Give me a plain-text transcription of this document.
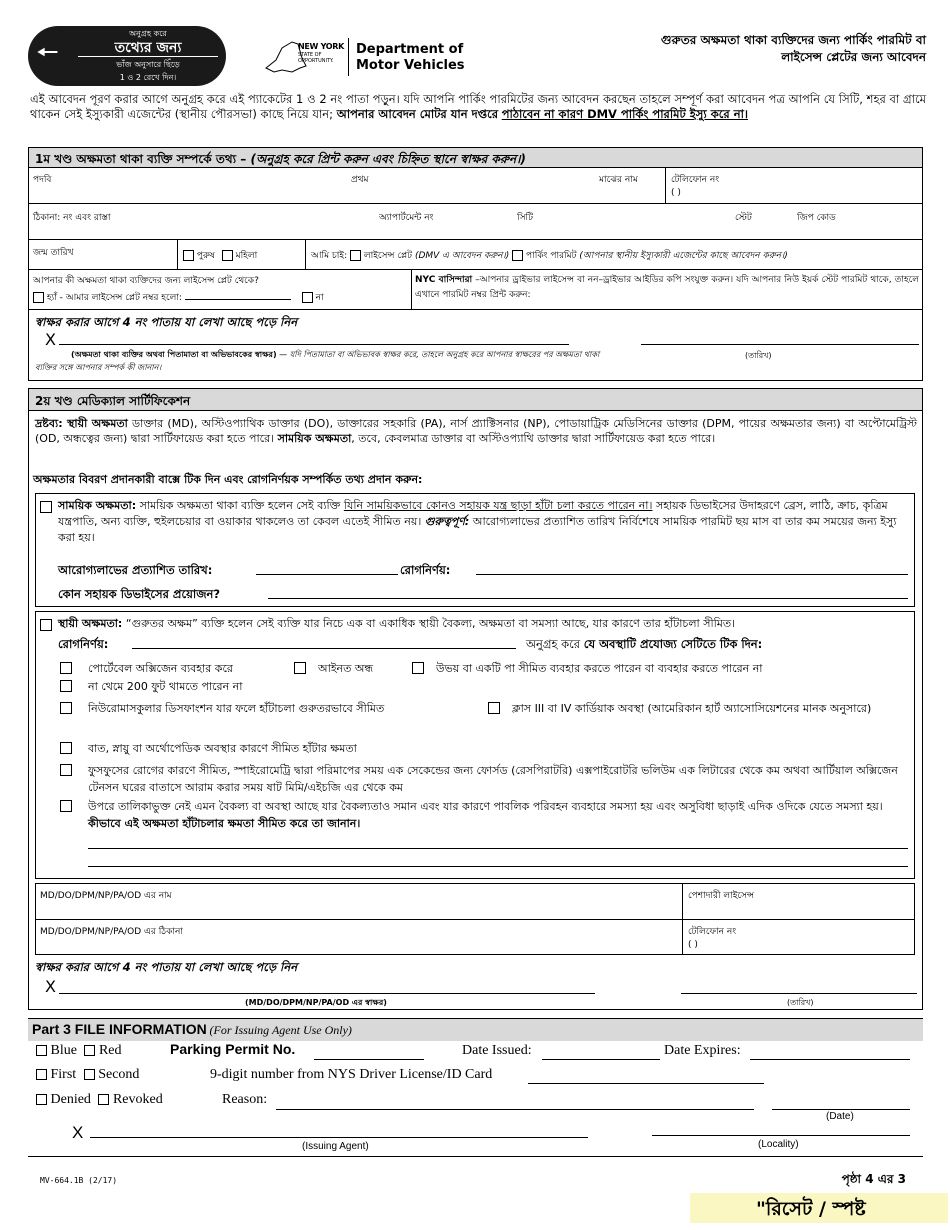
🠔
অনুগ্রহ করে
তথ্যের জন্য
ভাঁজ অনুসারে ছিঁড়ে
1 ও 2 রেখে দিন।
NEW YORK
STATE OF
OPPORTUNITY.
Department of
Motor Vehicles
গুরুতর অক্ষমতা থাকা ব্যক্তিদের জন্য পার্কিং পারমিট বা
লাইসেন্স প্লেটের জন্য আবেদন
এই আবেদন পূরণ করার আগে অনুগ্রহ করে এই প্যাকেটের 1 ও 2 নং পাতা পড়ুন। যদি আপনি পার্কিং পারমিটের জন্য আবেদন করছেন তাহলে সম্পূর্ণ করা আবেদন পত্র আপনি যে সিটি, শহর বা গ্রামে থাকেন সেই ইস্যুকারী এজেন্টের (স্থানীয় পৌরসভা) কাছে নিয়ে যান; আপনার আবেদন মোটর যান দপ্তরে পাঠাবেন না কারণ DMV পার্কিং পারমিট ইস্যু করে না।
1ম খণ্ড অক্ষমতা থাকা ব্যক্তি সম্পর্কে তথ্য – (অনুগ্রহ করে প্রিন্ট করুন এবং চিহ্নিত স্থানে স্বাক্ষর করুন।)
পদবি	প্রথম	মাঝের নাম	টেলিফোন নং
( )
ঠিকানা: নং এবং রাস্তা	অ্যাপার্টমেন্ট নং	সিটি	স্টেট	জিপ কোড
জন্ম তারিখ	পুরুষ মহিলা	আমি চাই: লাইসেন্স প্লেট (DMV এ আবেদন করুন।) পার্কিং পারমিট (আপনার স্থানীয় ইস্যুকারী এজেন্টের কাছে আবেদন করুন।)
আপনার কী অক্ষমতা থাকা ব্যক্তিদের জন্য লাইসেন্স প্লেট থেকে?
হ্যাঁ - আমার লাইসেন্স প্লেট নম্বর হলো:	না
NYC বাসিন্দারা –আপনার ড্রাইভার লাইসেন্স বা নন–ড্রাইভার আইডির কপি সংযুক্ত করুন। যদি আপনার নিউ ইয়র্ক স্টেট পারমিট থাকে, তাহলে এখানে পারমিট নম্বর প্রিন্ট করুন:
স্বাক্ষর করার আগে 4 নং পাতায় যা লেখা আছে পড়ে নিন
X
(তারিখ)
(অক্ষমতা থাকা ব্যক্তির অথবা পিতামাতা বা অভিভাবকের স্বাক্ষর) — যদি পিতামাতা বা অভিভাবক স্বাক্ষর করে, তাহলে অনুগ্রহ করে আপনার স্বাক্ষরের পর অক্ষমতা থাকা ব্যক্তির সঙ্গে আপনার সম্পর্ক কী জানান।
2য় খণ্ড মেডিক্যাল সার্টিফিকেশন
দ্রষ্টব্য: স্থায়ী অক্ষমতা ডাক্তার (MD), অস্টিওপ্যাথিক ডাক্তার (DO), ডাক্তারের সহকারি (PA), নার্স প্র্যাক্টিসনার (NP), পোডায়াট্রিক মেডিসিনের ডাক্তার (DPM, পায়ের অক্ষমতার জন্য) বা অপ্টোমেট্রিস্ট (OD, অন্ধত্বের জন্য) দ্বারা সার্টিফায়েড করা হতে পারে। সাময়িক অক্ষমতা, তবে, কেবলমাত্র ডাক্তার বা অস্টিওপ্যাথি ডাক্তার দ্বারা সার্টিফায়েড করা হতে পারে।
অক্ষমতার বিবরণ প্রদানকারী বাক্সে টিক দিন এবং রোগনির্ণয়ক সম্পর্কিত তথ্য প্রদান করুন:
সাময়িক অক্ষমতা: সাময়িক অক্ষমতা থাকা ব্যক্তি হলেন সেই ব্যক্তি যিনি সাময়িকভাবে কোনও সহায়ক যন্ত্র ছাড়া হাঁটা চলা করতে পারেন না। সহায়ক ডিভাইসের উদাহরণে ব্রেস, লাঠি, ক্রাচ, কৃত্রিম যন্ত্রপাতি, অন্য ব্যক্তি, হুইলচেয়ার বা ওয়াকার থাকলেও তা কেবল এতেই সীমিত নয়। গুরুত্বপূর্ণ: আরোগ্যলাভের প্রত্যাশিত তারিখ নির্বিশেষে সাময়িক পারমিট ছয় মাস বা তার কম সময়ের জন্য ইস্যু করা হয়।
আরোগ্যলাভের প্রত্যাশিত তারিখ:	রোগনির্ণয়:
কোন সহায়ক ডিভাইসের প্রয়োজন?
স্থায়ী অক্ষমতা: “গুরুতর অক্ষম” ব্যক্তি হলেন সেই ব্যক্তি যার নিচে এক বা একাধিক স্থায়ী বৈকল্য, অক্ষমতা বা সমস্যা আছে, যার কারণে তার হাঁটাচলা সীমিত।
রোগনির্ণয়:	অনুগ্রহ করে যে অবস্থাটি প্রযোজ্য সেটিতে টিক দিন:
পোর্টেবেল অক্সিজেন ব্যবহার করে	আইনত অন্ধ	উভয় বা একটি পা সীমিত ব্যবহার করতে পারেন বা ব্যবহার করতে পারেন না
না থেমে 200 ফুট থামতে পারেন না
নিউরোমাসকুলার ডিসফাংশন যার ফলে হাঁটাচলা গুরুতরভাবে সীমিত	ক্লাস III বা IV কার্ডিয়াক অবস্থা (আমেরিকান হার্ট অ্যাসোসিয়েশনের মানক অনুসারে)
বাত, স্নায়ু বা অর্থোপেডিক অবস্থার কারণে সীমিত হাঁটার ক্ষমতা
ফুসফুসের রোগের কারণে সীমিত, স্পাইরোমেট্রি দ্বারা পরিমাপের সময় এক সেকেন্ডের জন্য ফোর্সড (রেসপিরাটরি) এক্সপাইরোটরি ভলিউম এক লিটারের থেকে কম অথবা আর্টিয়াল অক্সিজেন টেনসন ঘরের বাতাসে আরাম করার সময় ষাট মিমি/এইচজি এর থেকে কম
উপরে তালিকাভুক্ত নেই এমন বৈকল্য বা অবস্থা আছে যার বৈকল্যতাও সমান এবং যার কারণে পাবলিক পরিবহন ব্যবহারে সমস্যা হয় এবং অসুবিধা ছাড়াই এদিক ওদিকে যেতে সমস্যা হয়। কীভাবে এই অক্ষমতা হাঁটাচলার ক্ষমতা সীমিত করে তা জানান।
MD/DO/DPM/NP/PA/OD এর নাম	পেশাদারী লাইসেন্স
MD/DO/DPM/NP/PA/OD এর ঠিকানা	টেলিফোন নং
( )
স্বাক্ষর করার আগে 4 নং পাতায় যা লেখা আছে পড়ে নিন
X
(MD/DO/DPM/NP/PA/OD এর স্বাক্ষর)	(তারিখ)
Part 3 FILE INFORMATION (For Issuing Agent Use Only)
Blue Red	Parking Permit No.	Date Issued:	Date Expires:
First Second	9-digit number from NYS Driver License/ID Card
Denied Revoked	Reason:
(Date)
X
(Issuing Agent)	(Locality)
MV-664.1B (2/17)	পৃষ্ঠা 4 এর 3
"রিসেট / স্পষ্ট
